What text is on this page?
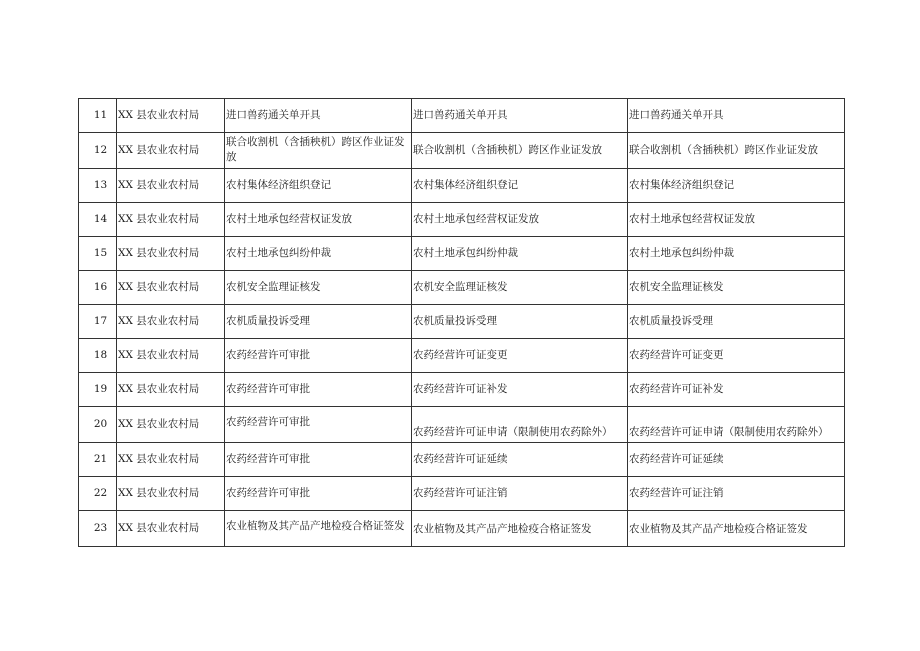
11	XX 县农业农村局	进口兽药通关单开具	进口兽药通关单开具	进口兽药通关单开具
12	XX 县农业农村局	联合收割机（含插秧机）跨区作业证发放	联合收割机（含插秧机）跨区作业证发放	联合收割机（含插秧机）跨区作业证发放
13	XX 县农业农村局	农村集体经济组织登记	农村集体经济组织登记	农村集体经济组织登记
14	XX 县农业农村局	农村土地承包经营权证发放	农村土地承包经营权证发放	农村土地承包经营权证发放
15	XX 县农业农村局	农村土地承包纠纷仲裁	农村土地承包纠纷仲裁	农村土地承包纠纷仲裁
16	XX 县农业农村局	农机安全监理证核发	农机安全监理证核发	农机安全监理证核发
17	XX 县农业农村局	农机质量投诉受理	农机质量投诉受理	农机质量投诉受理
18	XX 县农业农村局	农药经营许可审批	农药经营许可证变更	农药经营许可证变更
19	XX 县农业农村局	农药经营许可审批	农药经营许可证补发	农药经营许可证补发
20	XX 县农业农村局	农药经营许可审批	农药经营许可证申请（限制使用农药除外）	农药经营许可证申请（限制使用农药除外）
21	XX 县农业农村局	农药经营许可审批	农药经营许可证延续	农药经营许可证延续
22	XX 县农业农村局	农药经营许可审批	农药经营许可证注销	农药经营许可证注销
23	XX 县农业农村局	农业植物及其产品产地检疫合格证签发	农业植物及其产品产地检疫合格证签发	农业植物及其产品产地检疫合格证签发
